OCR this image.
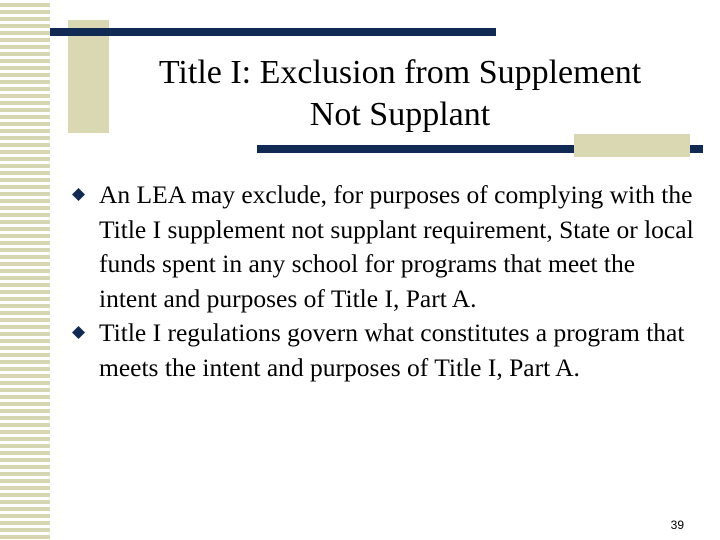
Title I: Exclusion from Supplement
Not Supplant
An LEA may exclude, for purposes of complying with the Title I supplement not supplant requirement, State or local funds spent in any school for programs that meet the intent and purposes of Title I, Part A.
Title I regulations govern what constitutes a program that meets the intent and purposes of Title I, Part A.
39
